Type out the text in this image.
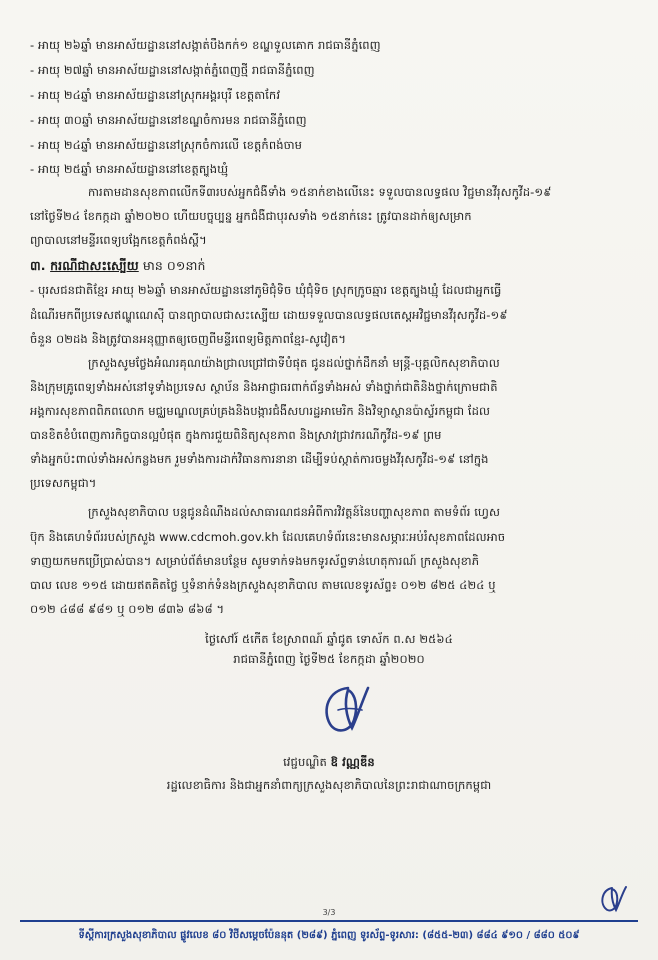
- អាយុ ២៦ឆ្នាំ មានអាស័យដ្ឋាននៅសង្កាត់បឹងកក់១ ខណ្ឌទួលគោក រាជធានីភ្នំពេញ
- អាយុ ២៧ឆ្នាំ មានអាស័យដ្ឋាននៅសង្កាត់ភ្នំពេញថ្មី រាជធានីភ្នំពេញ
- អាយុ ២៤ឆ្នាំ មានអាស័យដ្ឋាននៅស្រុកអង្គរបុរី ខេត្តតាកែវ
- អាយុ ៣០ឆ្នាំ មានអាស័យដ្ឋាននៅខណ្ឌចំការមន រាជធានីភ្នំពេញ
- អាយុ ២៤ឆ្នាំ មានអាស័យដ្ឋាននៅស្រុកចំការលើ ខេត្តកំពង់ចាម
- អាយុ ២៥ឆ្នាំ មានអាស័យដ្ឋាននៅខេត្តត្បូងឃ្មុំ
ការតាមដានសុខភាពលើកទី៣របស់អ្នកជំងឺទាំង ១៥នាក់ខាងលើនេះ ទទួលបានលទ្ធផល វិជ្ជមានវីរុសកូវីដ-១៩
នៅថ្ងៃទី២៤ ខែកក្កដា ឆ្នាំ២០២០ ហើយបច្ចុប្បន្ន អ្នកជំងឺជាបុរសទាំង ១៥នាក់នេះ ត្រូវបានដាក់ឲ្យសម្រាក
ព្យាបាលនៅមន្ទីរពេទ្យបង្អែកខេត្តកំពង់ស្ពឺ។
៣. ករណីជាសះស្បើយ មាន ០១នាក់
- បុរសជនជាតិខ្មែរ អាយុ ២៦ឆ្នាំ មានអាស័យដ្ឋាននៅភូមិជុំទិច ឃុំជុំទិច ស្រុកក្រូចឆ្មារ ខេត្តត្បូងឃ្មុំ ដែលជាអ្នកធ្វើ
ដំណើរមកពីប្រទេសឥណ្ឌូណេស៊ី បានព្យាបាលជាសះស្បើយ ដោយទទួលបានលទ្ធផលតេស្តអវិជ្ជមានវីរុសកូវីដ-១៩
ចំនួន ០២ដង និងត្រូវបានអនុញ្ញាតឲ្យចេញពីមន្ទីរពេទ្យមិត្តភាពខ្មែរ-សូវៀត។
ក្រសួងសូមថ្លែងអំណរគុណយ៉ាងជ្រាលជ្រៅជាទីបំផុត ជូនដល់ថ្នាក់ដឹកនាំ មន្ត្រី-បុគ្គលិកសុខាភិបាល
និងក្រុមគ្រូពេទ្យទាំងអស់នៅទូទាំងប្រទេស ស្ថាប័ន និងអាជ្ញាធរពាក់ព័ន្ធទាំងអស់ ទាំងថ្នាក់ជាតិនិងថ្នាក់ក្រោមជាតិ
អង្គការសុខភាពពិភពលោក មជ្ឈមណ្ឌលគ្រប់គ្រងនិងបង្ការជំងឺសហរដ្ឋអាមេរិក និងវិទ្យាស្ថានប៉ាស្ទ័រកម្ពុជា ដែល
បានខិតខំបំពេញភារកិច្ចបានល្អបំផុត ក្នុងការជួយពិនិត្យសុខភាព និងស្រាវជ្រាវករណីកូវីដ-១៩ ព្រម
ទាំងអ្នកប៉ះពាល់ទាំងអស់កន្លងមក រួមទាំងការដាក់វិធានការនានា ដើម្បីទប់ស្កាត់ការចម្លងវីរុសកូវីដ-១៩ នៅក្នុង
ប្រទេសកម្ពុជា។
ក្រសួងសុខាភិបាល បន្តជូនដំណឹងដល់សាធារណជនអំពីការវិវត្តន៍នៃបញ្ហាសុខភាព តាមទំព័រ ហ្វេស
ប៊ុក និងគេហទំព័ររបស់ក្រសួង www.cdcmoh.gov.kh ដែលគេហទំព័រនេះមានសម្ភារៈអប់រំសុខភាពដែលអាច
ទាញយកមកប្រើប្រាស់បាន។ សម្រាប់ព័ត៌មានបន្ថែម សូមទាក់ទងមកទូរស័ព្ទទាន់ហេតុការណ៍ ក្រសួងសុខាភិ
បាល លេខ ១១៥ ដោយឥតគិតថ្លៃ ឬទំនាក់ទំនងក្រសួងសុខាភិបាល តាមលេខទូរស័ព្ទ៖ ០១២ ៨២៥ ៤២៤ ឬ
០១២ ៤៨៨ ៩៨១ ឬ ០១២ ៨៣៦ ៨៦៨ ។
ថ្ងៃសៅរ៍ ៥កើត ខែស្រាពណ៍ ឆ្នាំជូត ទោស័ក ព.ស ២៥៦៤
រាជធានីភ្នំពេញ ថ្ងៃទី២៥ ខែកក្កដា ឆ្នាំ២០២០
វេជ្ជបណ្ឌិត ឱ វណ្ណឌីន
រដ្ឋលេខាធិការ និងជាអ្នកនាំពាក្យក្រសួងសុខាភិបាលនៃព្រះរាជាណាចក្រកម្ពុជា
3/3
ទីស្តីការក្រសួងសុខាភិបាល ផ្លូវលេខ ៨០ វិថីសម្តេចប៉ែននុត (២៨៩) ភ្នំពេញ ទូរស័ព្ទ-ទូរសារ: (៨៥៥-២៣) ៨៨៤ ៩១០ / ៨៨០ ៥០៩
